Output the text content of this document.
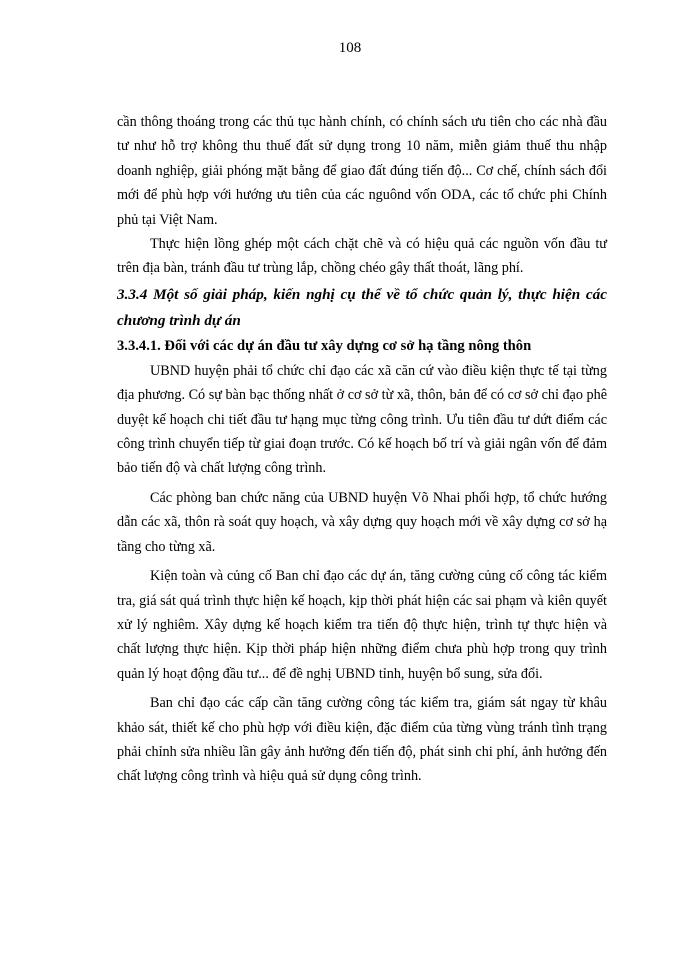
108

cần thông thoáng trong các thủ tục hành chính, có chính sách ưu tiên cho các nhà đầu tư như hỗ trợ không thu thuế đất sử dụng trong 10 năm, miễn giảm thuế thu nhập doanh nghiệp, giải phóng mặt bằng để giao đất đúng tiến độ... Cơ chế, chính sách đổi mới để phù hợp với hướng ưu tiên của các nguônd vốn ODA, các tổ chức phi Chính phủ tại Việt Nam.

Thực hiện lồng ghép một cách chặt chẽ và có hiệu quả các nguồn vốn đầu tư trên địa bàn, tránh đầu tư trùng lắp, chồng chéo gây thất thoát, lãng phí.

3.3.4 Một số giải pháp, kiến nghị cụ thể về tổ chức quản lý, thực hiện các chương trình dự án
3.3.4.1. Đối với các dự án đầu tư xây dựng cơ sở hạ tầng nông thôn

UBND huyện phải tổ chức chỉ đạo các xã căn cứ vào điều kiện thực tế tại từng địa phương. Có sự bàn bạc thống nhất ở cơ sở từ xã, thôn, bản để có cơ sở chỉ đạo phê duyệt kế hoạch chi tiết đầu tư hạng mục từng công trình. Ưu tiên đầu tư dứt điểm các công trình chuyển tiếp từ giai đoạn trước. Có kế hoạch bố trí và giải ngân vốn để đảm bảo tiến độ và chất lượng công trình.

Các phòng ban chức năng của UBND huyện Võ Nhai phối hợp, tổ chức hướng dẫn các xã, thôn rà soát quy hoạch, và xây dựng quy hoạch mới về xây dựng cơ sở hạ tầng cho từng xã.

Kiện toàn và củng cố Ban chỉ đạo các dự án, tăng cường củng cố công tác kiểm tra, giá sát quá trình thực hiện kế hoạch, kịp thời phát hiện các sai phạm và kiên quyết xử lý nghiêm. Xây dựng kế hoạch kiểm tra tiến độ thực hiện, trình tự thực hiện và chất lượng thực hiện. Kịp thời pháp hiện những điểm chưa phù hợp trong quy trình quản lý hoạt động đầu tư... để đề nghị UBND tỉnh, huyện bổ sung, sửa đổi.

Ban chỉ đạo các cấp cần tăng cường công tác kiểm tra, giám sát ngay từ khâu khảo sát, thiết kế cho phù hợp với điều kiện, đặc điểm của từng vùng tránh tình trạng phải chỉnh sửa nhiều lần gây ảnh hưởng đến tiến độ, phát sinh chi phí, ảnh hưởng đến chất lượng công trình và hiệu quả sử dụng công trình.
